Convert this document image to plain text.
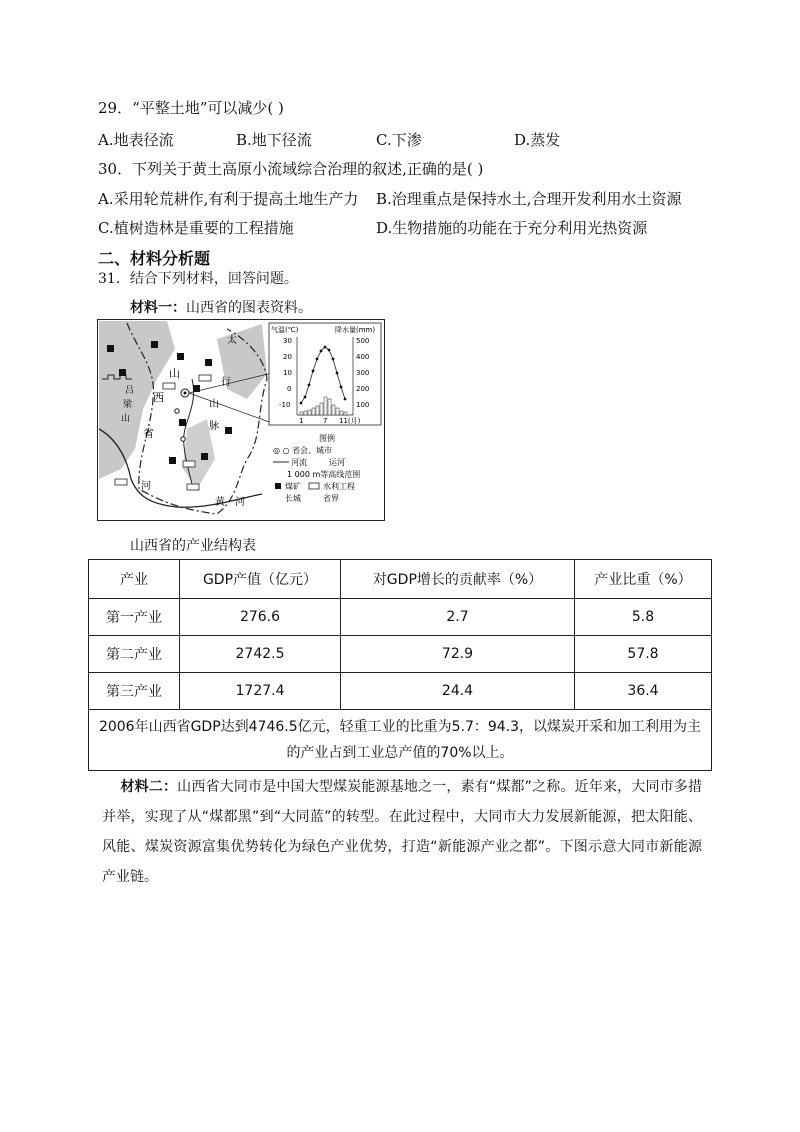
29．“平整土地”可以减少( )
A.地表径流	B.地下径流	C.下渗	D.蒸发
30．下列关于黄土高原小流域综合治理的叙述,正确的是( )
A.采用轮荒耕作,有利于提高土地生产力 B.治理重点是保持水土,合理开发利用水土资源
C.植树造林是重要的工程措施	D.生物措施的功能在于充分利用光热资源
二、材料分析题
31．结合下列材料，回答问题。
材料一：山西省的图表资料。
太
行
山
脉
山
西
省
吕
梁
山
河
黄 河
气温(℃)	降水量(mm)
30
20
10
0
-10
500
400
300
200
100
1	7 11(月)
图例
◎ ○ 省会、城市
河流	运河
1 000 m等高线范围
煤矿	水利工程
长城	省界
山西省的产业结构表
产业	GDP产值（亿元）	对GDP增长的贡献率（%）	产业比重（%）
第一产业	276.6	2.7	5.8
第二产业	2742.5	72.9	57.8
第三产业	1727.4	24.4	36.4
2006年山西省GDP达到4746.5亿元，轻重工业的比重为5.7：94.3，以煤炭开采和加工利用为主的产业占到工业总产值的70%以上。			
材料二：山西省大同市是中国大型煤炭能源基地之一，素有“煤都”之称。近年来，大同市多措并举，实现了从“煤都黑”到“大同蓝”的转型。在此过程中，大同市大力发展新能源，把太阳能、风能、煤炭资源富集优势转化为绿色产业优势，打造“新能源产业之都”。下图示意大同市新能源产业链。
